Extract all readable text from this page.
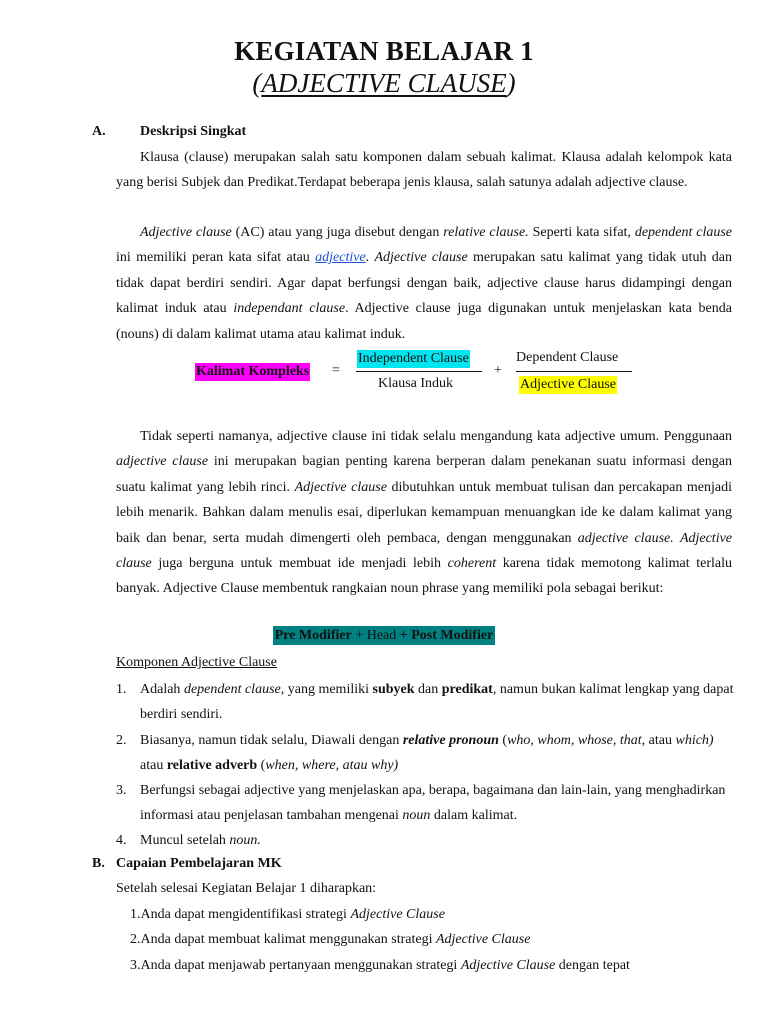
KEGIATAN BELAJAR 1
(ADJECTIVE CLAUSE)
A. Deskripsi Singkat

Klausa (clause) merupakan salah satu komponen dalam sebuah kalimat. Klausa adalah kelompok kata yang berisi Subjek dan Predikat.Terdapat beberapa jenis klausa, salah satunya adalah adjective clause.

Adjective clause (AC) atau yang juga disebut dengan relative clause. Seperti kata sifat, dependent clause ini memiliki peran kata sifat atau adjective. Adjective clause merupakan satu kalimat yang tidak utuh dan tidak dapat berdiri sendiri. Agar dapat berfungsi dengan baik, adjective clause harus didampingi dengan kalimat induk atau independant clause. Adjective clause juga digunakan untuk menjelaskan kata benda (nouns) di dalam kalimat utama atau kalimat induk.

Kalimat Kompleks =
Independent Clause
Klausa Induk
+
Dependent Clause
Adjective Clause

Tidak seperti namanya, adjective clause ini tidak selalu mengandung kata adjective umum. Penggunaan adjective clause ini merupakan bagian penting karena berperan dalam penekanan suatu informasi dengan suatu kalimat yang lebih rinci. Adjective clause dibutuhkan untuk membuat tulisan dan percakapan menjadi lebih menarik. Bahkan dalam menulis esai, diperlukan kemampuan menuangkan ide ke dalam kalimat yang baik dan benar, serta mudah dimengerti oleh pembaca, dengan menggunakan adjective clause. Adjective clause juga berguna untuk membuat ide menjadi lebih coherent karena tidak memotong kalimat terlalu banyak. Adjective Clause membentuk rangkaian noun phrase yang memiliki pola sebagai berikut:

Pre Modifier + Head + Post Modifier
Komponen Adjective Clause
1. Adalah dependent clause, yang memiliki subyek dan predikat, namun bukan kalimat lengkap yang dapat berdiri sendiri.
2. Biasanya, namun tidak selalu, Diawali dengan relative pronoun (who, whom, whose, that, atau which) atau relative adverb (when, where, atau why)
3. Berfungsi sebagai adjective yang menjelaskan apa, berapa, bagaimana dan lain-lain, yang menghadirkan informasi atau penjelasan tambahan mengenai noun dalam kalimat.
4. Muncul setelah noun.
B. Capaian Pembelajaran MK
Setelah selesai Kegiatan Belajar 1 diharapkan:
1.Anda dapat mengidentifikasi strategi Adjective Clause
2.Anda dapat membuat kalimat menggunakan strategi Adjective Clause
3.Anda dapat menjawab pertanyaan menggunakan strategi Adjective Clause dengan tepat
